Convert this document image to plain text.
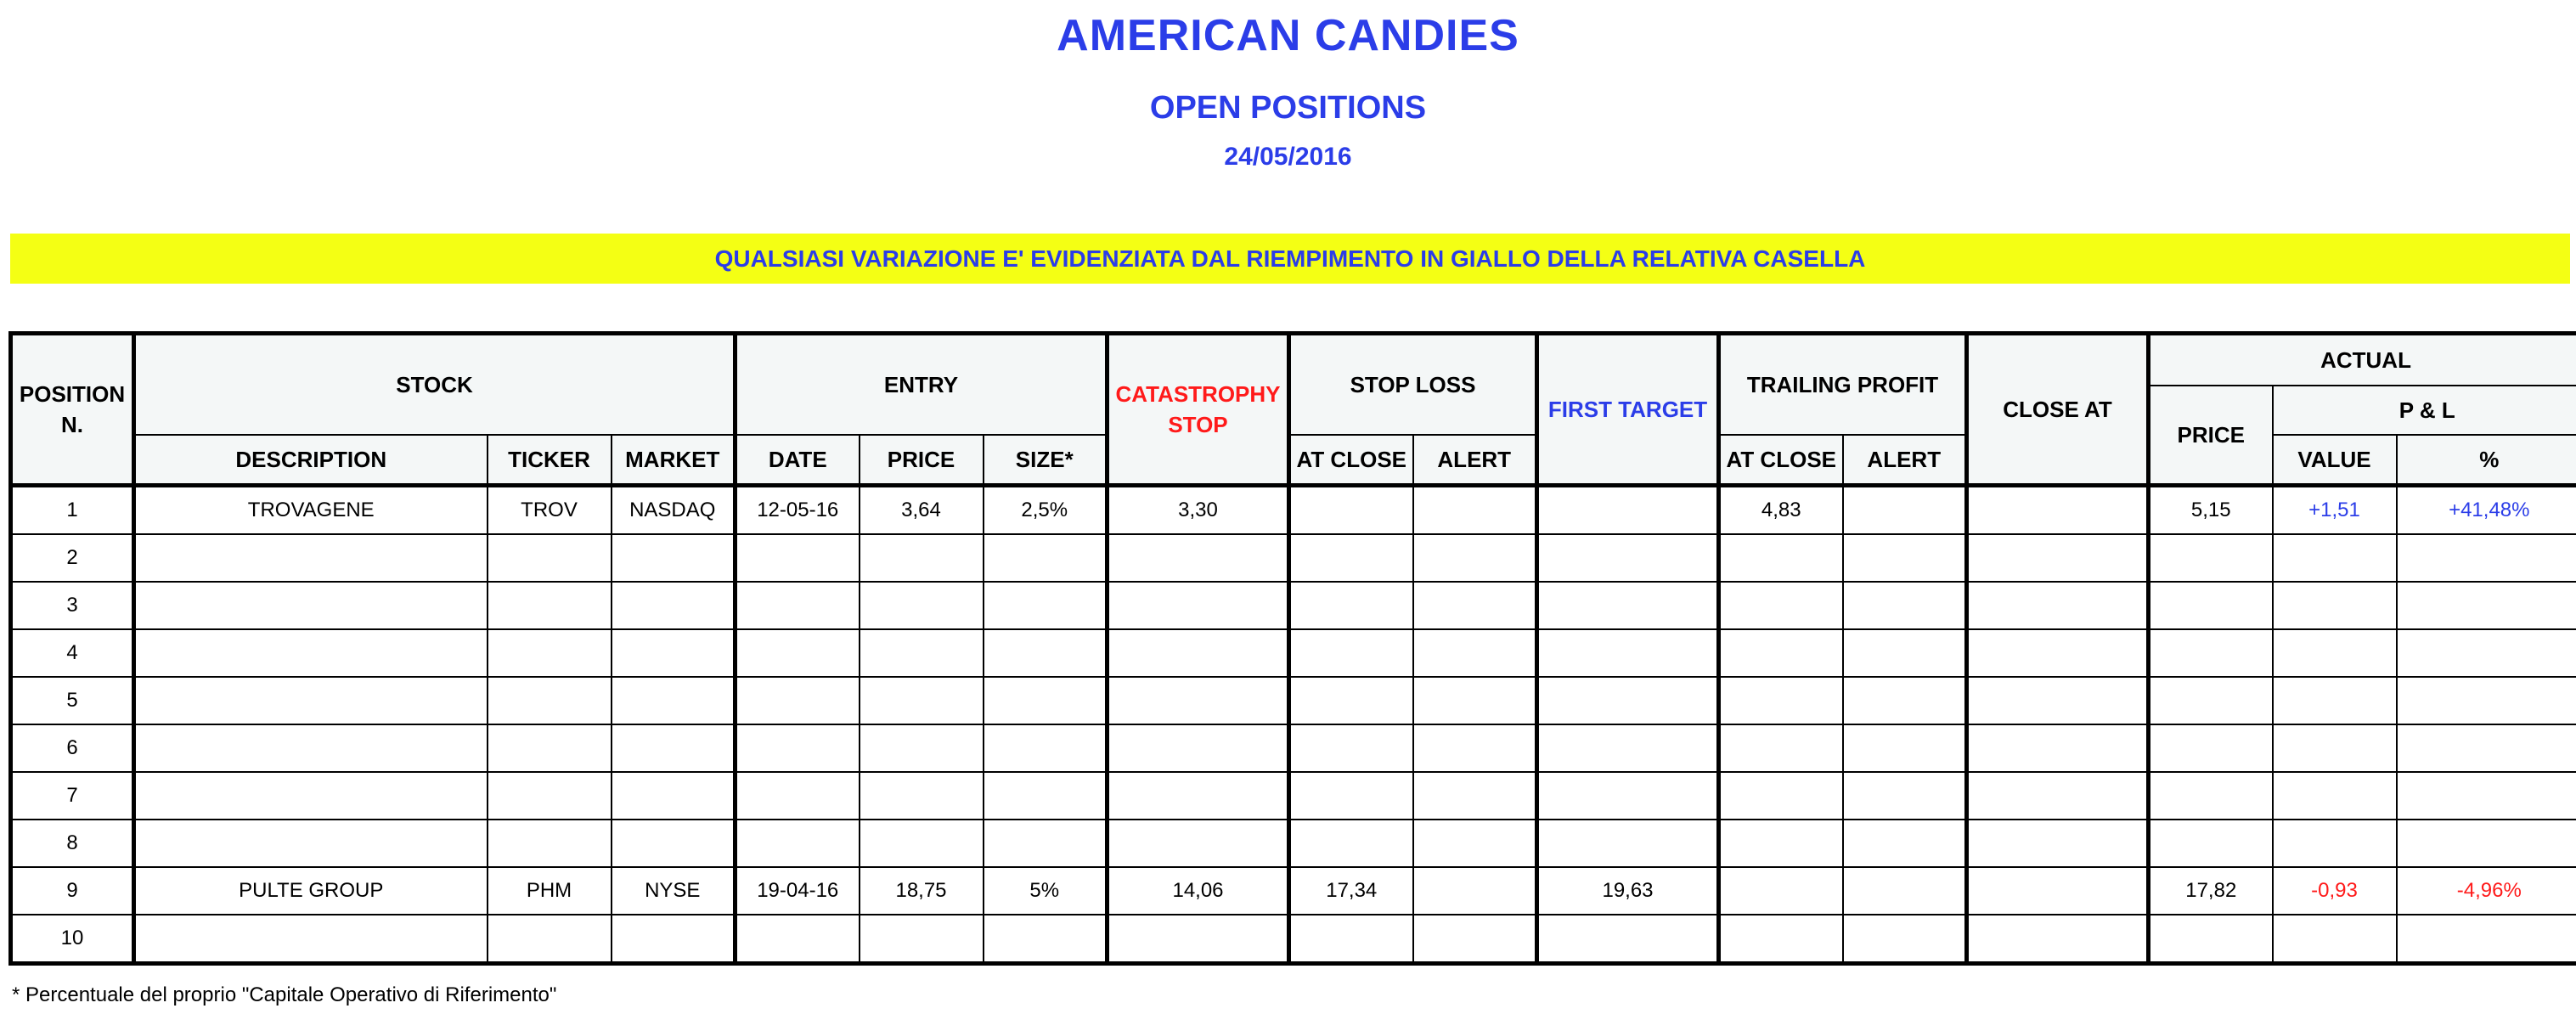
AMERICAN CANDIES
OPEN POSITIONS
24/05/2016
QUALSIASI VARIAZIONE E' EVIDENZIATA DAL RIEMPIMENTO IN GIALLO DELLA RELATIVA CASELLA
POSITION N.	STOCK			ENTRY			CATASTROPHY STOP	STOP LOSS		FIRST TARGET	TRAILING PROFIT		CLOSE AT	ACTUAL		
														PRICE	P & L	
	DESCRIPTION	TICKER	MARKET	DATE	PRICE	SIZE*		AT CLOSE	ALERT		AT CLOSE	ALERT			VALUE	%
1	TROVAGENE	TROV	NASDAQ	12-05-16	3,64	2,5%	3,30				4,83			5,15	+1,51	+41,48%
2																
3																
4																
5																
6																
7																
8																
9	PULTE GROUP	PHM	NYSE	19-04-16	18,75	5%	14,06	17,34		19,63				17,82	-0,93	-4,96%
10																
* Percentuale del proprio "Capitale Operativo di Riferimento"
